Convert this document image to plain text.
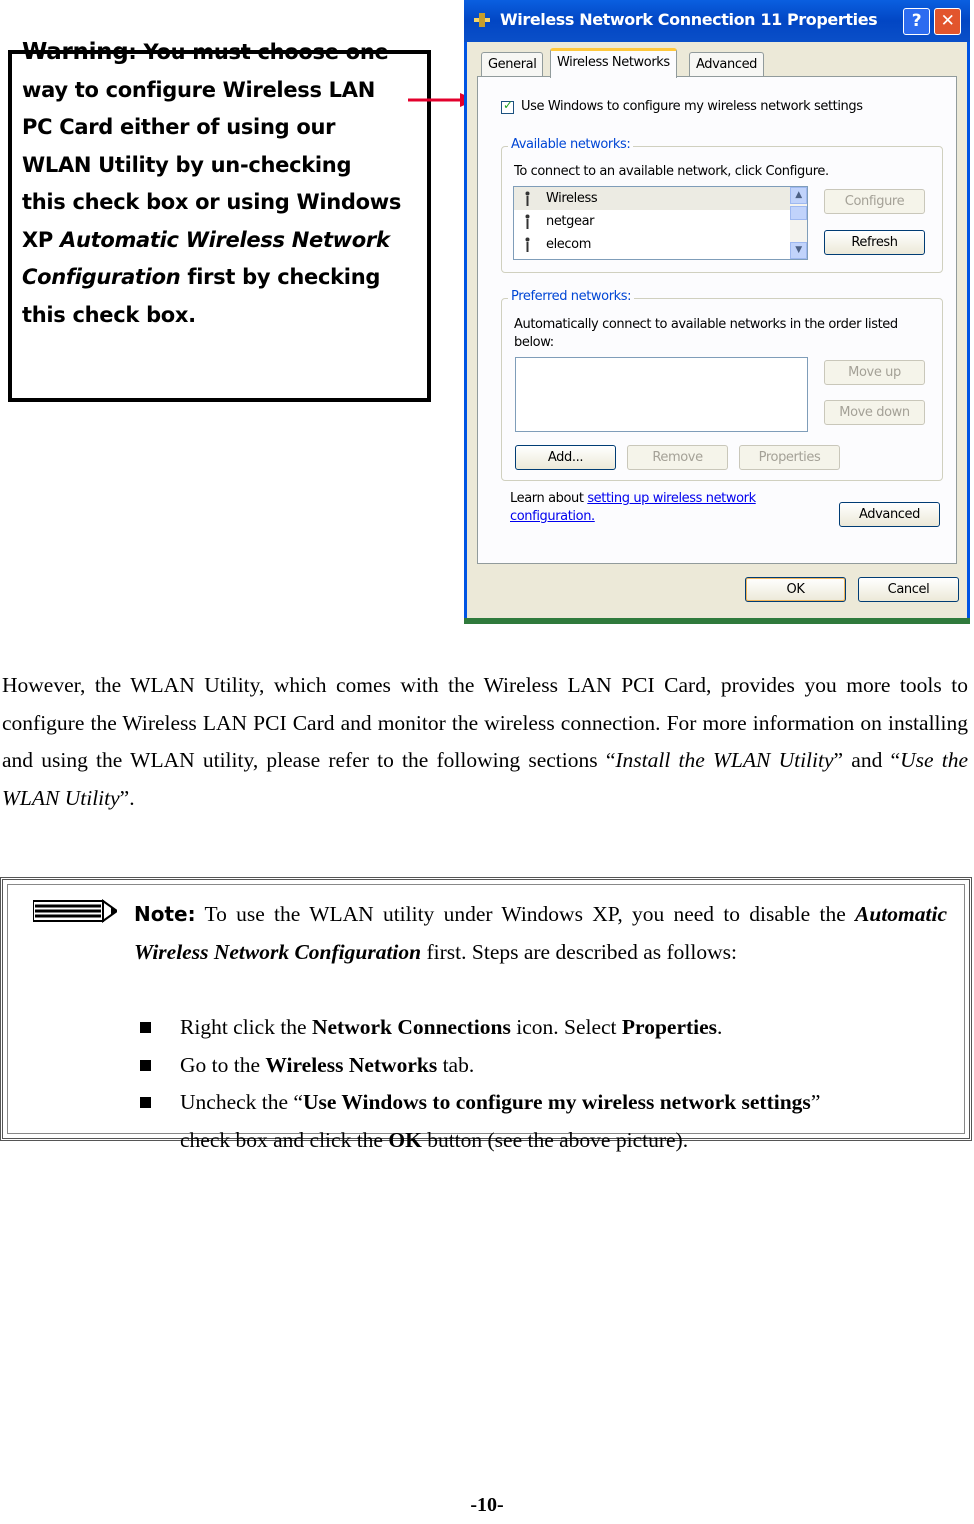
Warning: You must choose one
way to configure Wireless LAN
PC Card either of using our
WLAN Utility by un-checking
this check box or using Windows
XP Automatic Wireless Network
Configuration first by checking
this check box.
Wireless Network Connection 11 Properties	?	✕
General	Wireless Networks	Advanced
✓
Use Windows to configure my wireless network settings
Available networks:
To connect to an available network, click Configure.
Wireless
netgear
elecom
▲
▼
Configure
Refresh
Preferred networks:
Automatically connect to available networks in the order listed
below:
Move up
Move down
Add...	Remove	Properties
Learn about setting up wireless network
configuration.	Advanced
OK	Cancel
However, the WLAN Utility, which comes with the Wireless LAN PCI Card, provides you more tools to configure the Wireless LAN PCI Card and monitor the wireless connection. For more information on installing and using the WLAN utility, please refer to the following sections “Install the WLAN Utility” and “Use the WLAN Utility”.
Note: To use the WLAN utility under Windows XP, you need to disable the Automatic Wireless Network Configuration first. Steps are described as follows:
Right click the Network Connections icon. Select Properties.
Go to the Wireless Networks tab.
Uncheck the “Use Windows to configure my wireless network settings”
check box and click the OK button (see the above picture).
-10-
